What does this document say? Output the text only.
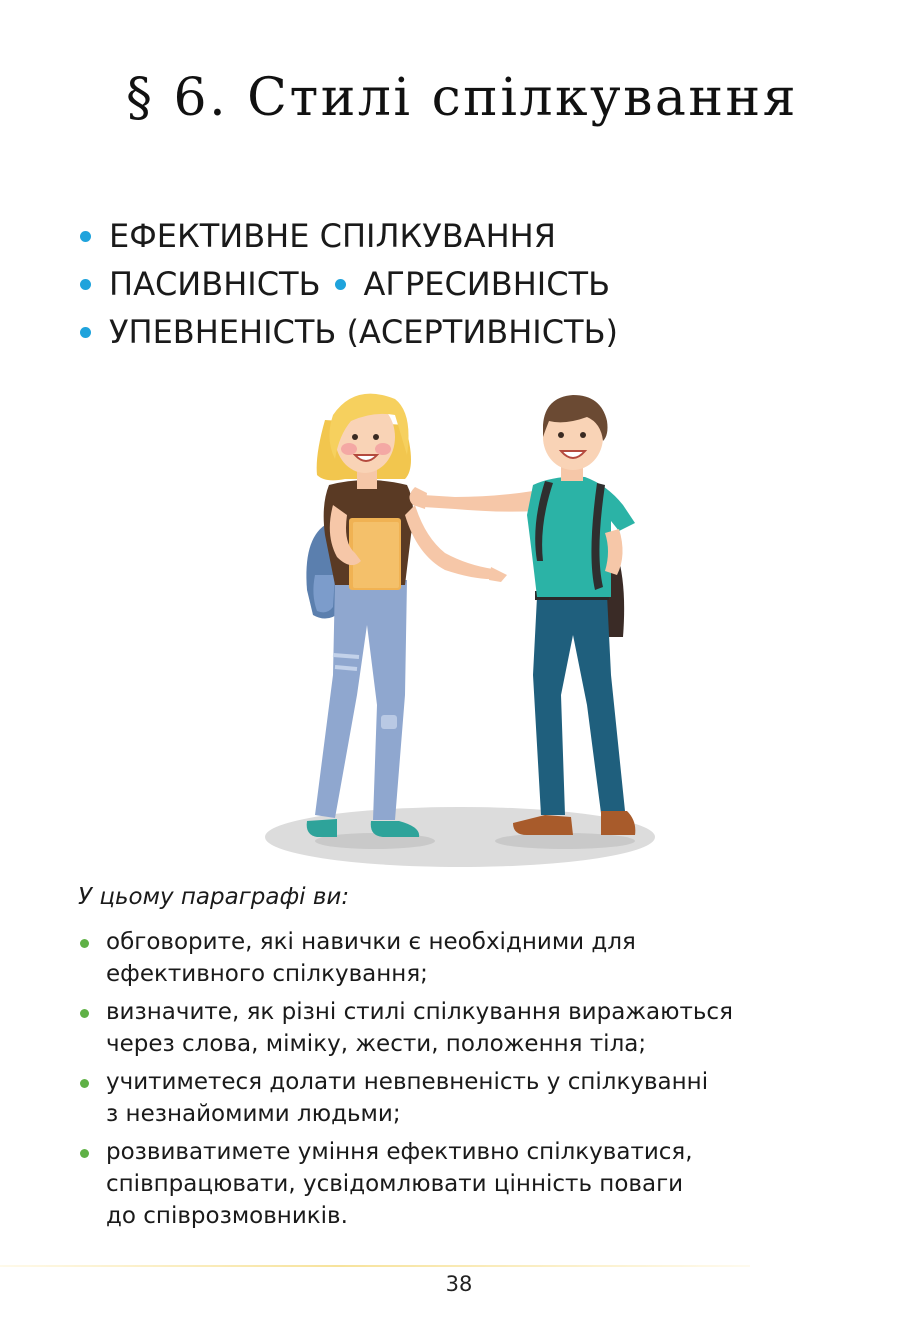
§ 6. Стилі спілкування
ЕФЕКТИВНЕ СПІЛКУВАННЯ
ПАСИВНІСТЬ АГРЕСИВНІСТЬ
УПЕВНЕНІСТЬ (АСЕРТИВНІСТЬ)

У цьому параграфі ви:

обговорите, які навички є необхідними для
ефективного спілкування;
визначите, як різні стилі спілкування виражаються
через слова, міміку, жести, положення тіла;
учитиметеся долати невпевненість у спілкуванні
з незнайомими людьми;
розвиватимете уміння ефективно спілкуватися,
співпрацювати, усвідомлювати цінність поваги
до співрозмовників.
38
